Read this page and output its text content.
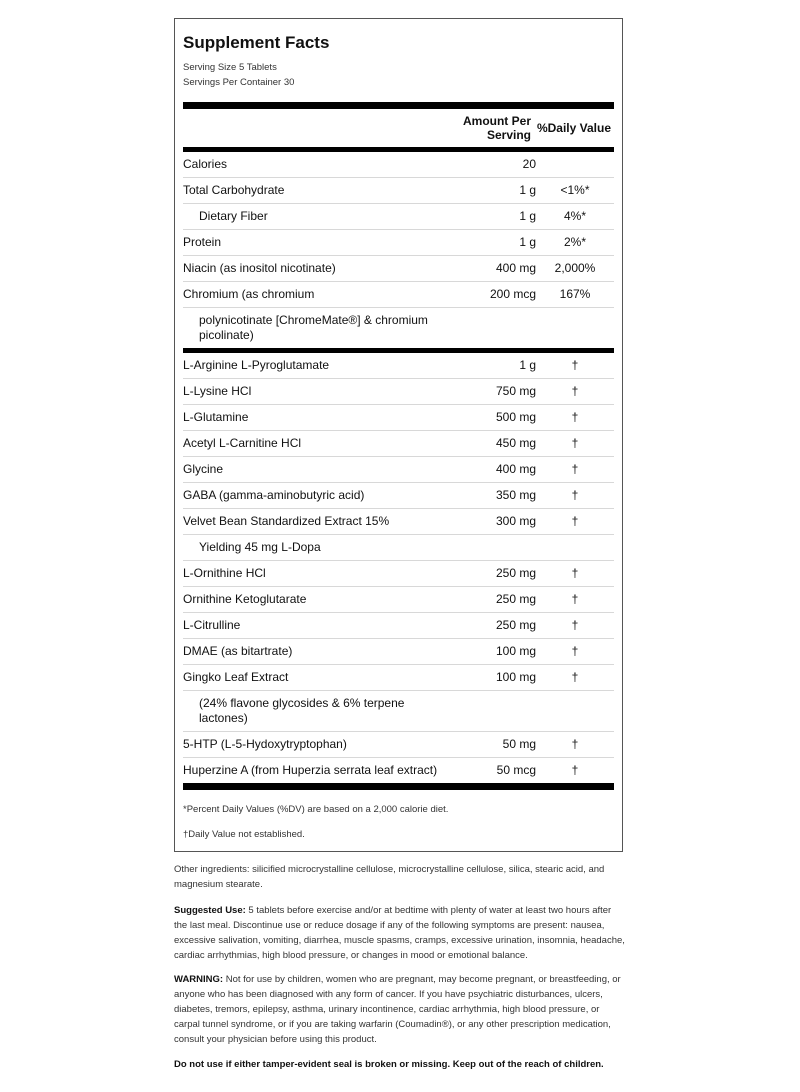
Supplement Facts
Serving Size 5 Tablets
Servings Per Container 30
Amount Per
Serving %Daily Value
Calories	20
Total Carbohydrate	1 g	<1%*
Dietary Fiber	1 g	4%*
Protein	1 g	2%*
Niacin (as inositol nicotinate)	400 mg	2,000%
Chromium (as chromium	200 mcg	167%
polynicotinate [ChromeMate®] & chromium picolinate)
L-Arginine L-Pyroglutamate	1 g	†
L-Lysine HCl	750 mg	†
L-Glutamine	500 mg	†
Acetyl L-Carnitine HCl	450 mg	†
Glycine	400 mg	†
GABA (gamma-aminobutyric acid)	350 mg	†
Velvet Bean Standardized Extract 15%	300 mg	†
Yielding 45 mg L-Dopa
L-Ornithine HCl	250 mg	†
Ornithine Ketoglutarate	250 mg	†
L-Citrulline	250 mg	†
DMAE (as bitartrate)	100 mg	†
Gingko Leaf Extract	100 mg	†
(24% flavone glycosides & 6% terpene lactones)
5-HTP (L-5-Hydoxytryptophan)	50 mg	†
Huperzine A (from Huperzia serrata leaf extract)	50 mcg	†
*Percent Daily Values (%DV) are based on a 2,000 calorie diet.
†Daily Value not established.
Other ingredients: silicified microcrystalline cellulose, microcrystalline cellulose, silica, stearic acid, and magnesium stearate.
Suggested Use: 5 tablets before exercise and/or at bedtime with plenty of water at least two hours after the last meal. Discontinue use or reduce dosage if any of the following symptoms are present: nausea, excessive salivation, vomiting, diarrhea, muscle spasms, cramps, excessive urination, insomnia, headache, cardiac arrhythmias, high blood pressure, or changes in mood or emotional balance.
WARNING: Not for use by children, women who are pregnant, may become pregnant, or breastfeeding, or anyone who has been diagnosed with any form of cancer. If you have psychiatric disturbances, ulcers, diabetes, tremors, epilepsy, asthma, urinary incontinence, cardiac arrhythmia, high blood pressure, or carpal tunnel syndrome, or if you are taking warfarin (Coumadin®), or any other prescription medication, consult your physician before using this product.
Do not use if either tamper-evident seal is broken or missing. Keep out of the reach of children.
